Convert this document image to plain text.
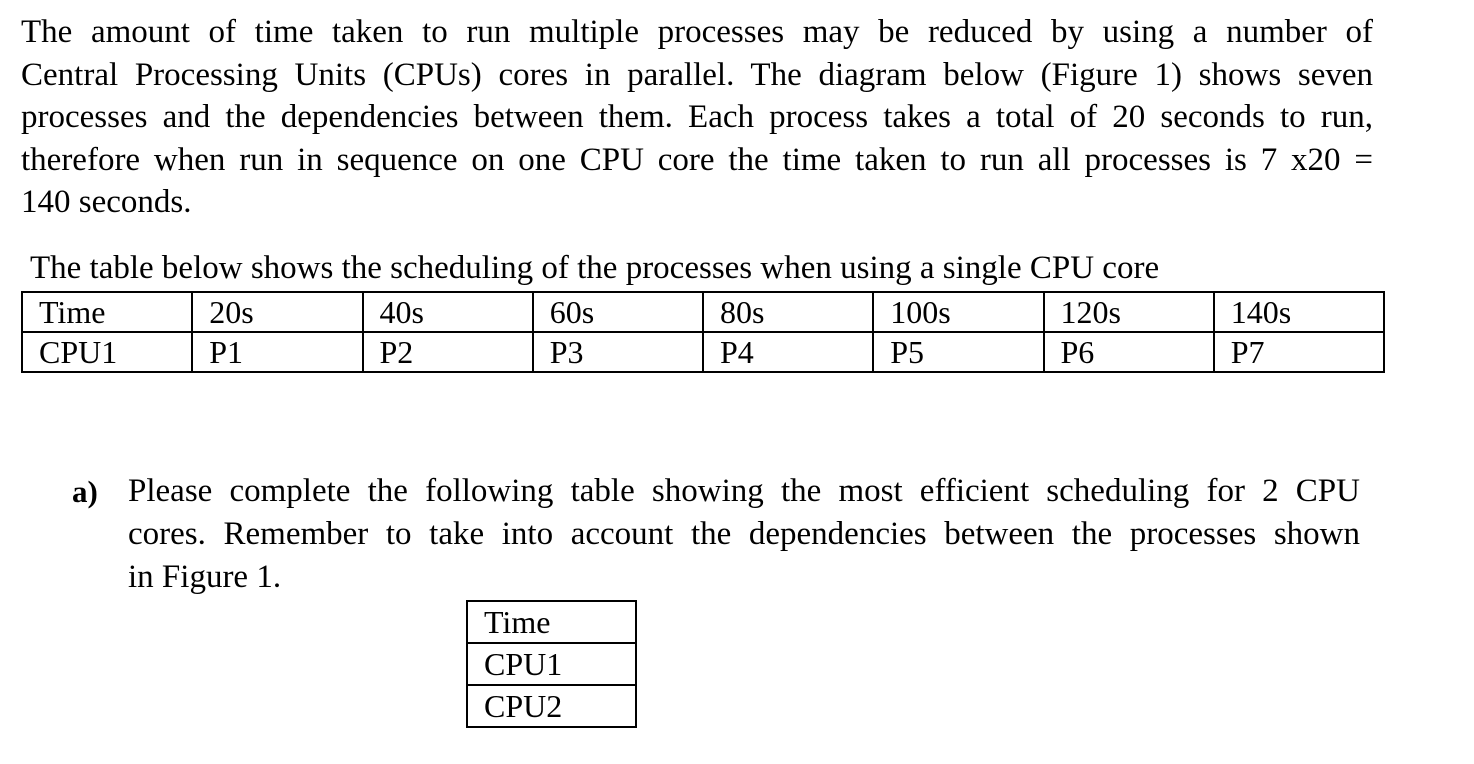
The amount of time taken to run multiple processes may be reduced by using a number of
Central Processing Units (CPUs) cores in parallel. The diagram below (Figure 1) shows seven
processes and the dependencies between them. Each process takes a total of 20 seconds to run,
therefore when run in sequence on one CPU core the time taken to run all processes is 7 x20 =
140 seconds.

The table below shows the scheduling of the processes when using a single CPU core

Time	20s	40s	60s	80s	100s	120s	140s
CPU1	P1	P2	P3	P4	P5	P6	P7
a) Please complete the following table showing the most efficient scheduling for 2 CPU
cores. Remember to take into account the dependencies between the processes shown
in Figure 1.
Time
CPU1
CPU2
